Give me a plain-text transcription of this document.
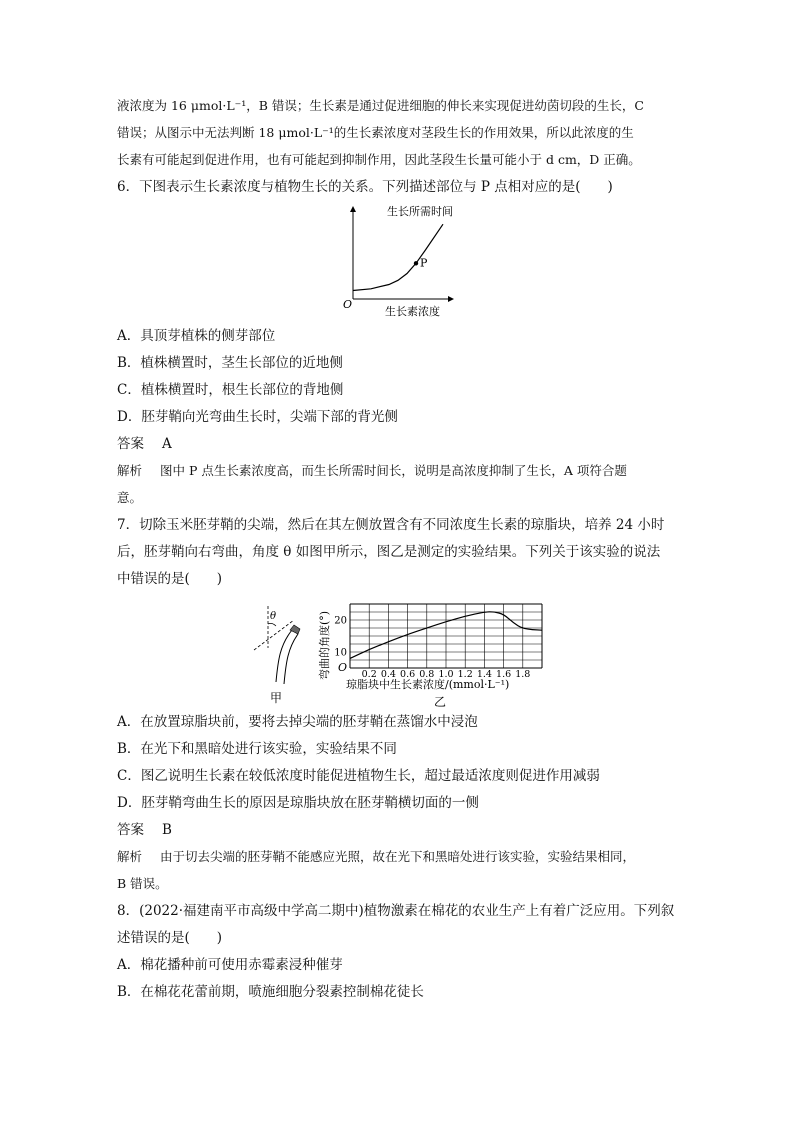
液浓度为 16 μmol·L⁻¹，B 错误；生长素是通过促进细胞的伸长来实现促进幼茵切段的生长，C
错误；从图示中无法判断 18 μmol·L⁻¹的生长素浓度对茎段生长的作用效果，所以此浓度的生
长素有可能起到促进作用，也有可能起到抑制作用，因此茎段生长量可能小于 d cm，D 正确。
6．下图表示生长素浓度与植物生长的关系。下列描述部位与 P 点相对应的是(　　)
P
O
生长所需时间
生长素浓度
A．具顶芽植株的侧芽部位
B．植株横置时，茎生长部位的近地侧
C．植株横置时，根生长部位的背地侧
D．胚芽鞘向光弯曲生长时，尖端下部的背光侧
答案 A
解析 图中 P 点生长素浓度高，而生长所需时间长，说明是高浓度抑制了生长，A 项符合题
意。
7．切除玉米胚芽鞘的尖端，然后在其左侧放置含有不同浓度生长素的琼脂块，培养 24 小时
后，胚芽鞘向右弯曲，角度 θ 如图甲所示，图乙是测定的实验结果。下列关于该实验的说法
中错误的是(　　)
θ
甲
0.2 0.4 0.6 0.8 1.0 1.2 1.4 1.6 1.8
10
20
O
弯曲的角度(°)
琼脂块中生长素浓度/(mmol·L⁻¹)
乙
A．在放置琼脂块前，要将去掉尖端的胚芽鞘在蒸馏水中浸泡
B．在光下和黑暗处进行该实验，实验结果不同
C．图乙说明生长素在较低浓度时能促进植物生长，超过最适浓度则促进作用减弱
D．胚芽鞘弯曲生长的原因是琼脂块放在胚芽鞘横切面的一侧
答案 B
解析 由于切去尖端的胚芽鞘不能感应光照，故在光下和黑暗处进行该实验，实验结果相同，
B 错误。
8．(2022·福建南平市高级中学高二期中)植物激素在棉花的农业生产上有着广泛应用。下列叙
述错误的是(　　)
A．棉花播种前可使用赤霉素浸种催芽
B．在棉花花蕾前期，喷施细胞分裂素控制棉花徒长
